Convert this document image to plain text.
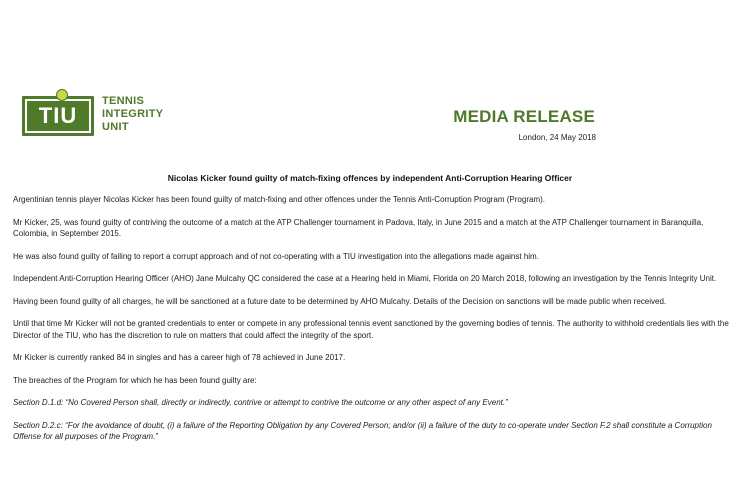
TIU
TENNIS
INTEGRITY
UNIT
MEDIA RELEASE
London, 24 May 2018
Nicolas Kicker found guilty of match-fixing offences by independent Anti-Corruption Hearing Officer

Argentinian tennis player Nicolas Kicker has been found guilty of match-fixing and other offences under the Tennis Anti-Corruption Program (Program).

Mr Kicker, 25, was found guilty of contriving the outcome of a match at the ATP Challenger tournament in Padova, Italy, in June 2015 and a match at the ATP Challenger tournament in Baranquilla, Colombia, in September 2015.

He was also found guilty of failing to report a corrupt approach and of not co-operating with a TIU investigation into the allegations made against him.

Independent Anti-Corruption Hearing Officer (AHO) Jane Mulcahy QC considered the case at a Hearing held in Miami, Florida on 20 March 2018, following an investigation by the Tennis Integrity Unit.

Having been found guilty of all charges, he will be sanctioned at a future date to be determined by AHO Mulcahy. Details of the Decision on sanctions will be made public when received.

Until that time Mr Kicker will not be granted credentials to enter or compete in any professional tennis event sanctioned by the governing bodies of tennis. The authority to withhold credentials lies with the Director of the TIU, who has the discretion to rule on matters that could affect the integrity of the sport.

Mr Kicker is currently ranked 84 in singles and has a career high of 78 achieved in June 2017.

The breaches of the Program for which he has been found guilty are:

Section D.1.d: “No Covered Person shall, directly or indirectly, contrive or attempt to contrive the outcome or any other aspect of any Event.”

Section D.2.c: “For the avoidance of doubt, (i) a failure of the Reporting Obligation by any Covered Person; and/or (ii) a failure of the duty to co-operate under Section F.2 shall constitute a Corruption Offense for all purposes of the Program.”
